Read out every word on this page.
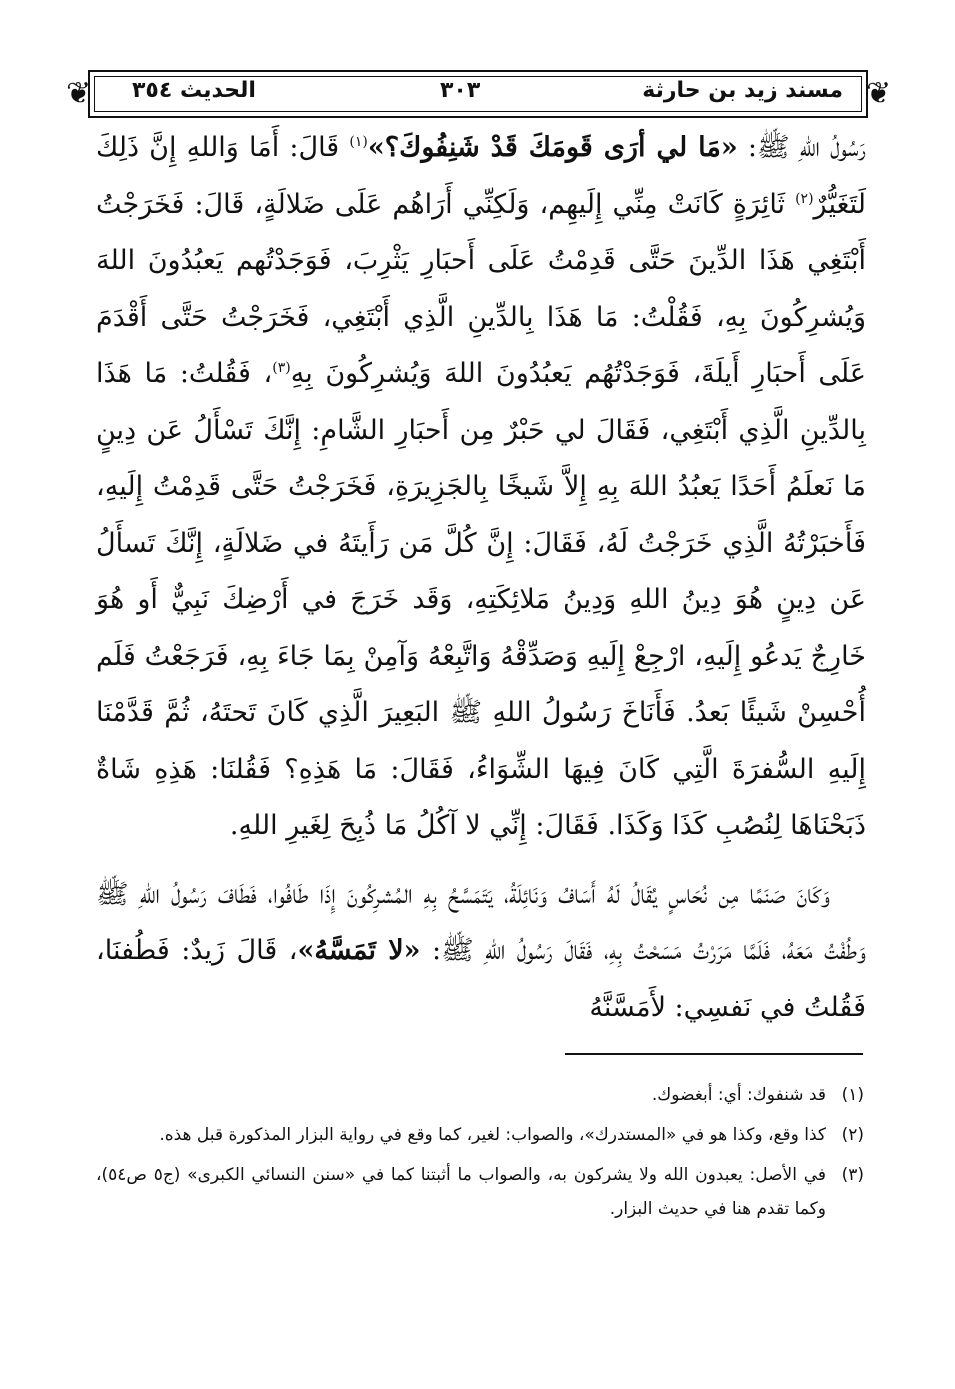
❦	❦
مسند زيد بن حارثة
٣٠٣
الحديث ٣٥٤

رَسُولُ اللهِ ﷺ: «مَا لي أرَى قَومَكَ قَدْ شَنِفُوكَ؟»$^{(١)}$ قَالَ: أَمَا وَاللهِ إِنَّ ذَلِكَ لَتَغَيُّرٌ$^{(٢)}$ ثَائِرَةٍ كَانَتْ مِنِّي إِلَيهِم، وَلَكِنِّي أَرَاهُم عَلَى ضَلالَةٍ، قَالَ: فَخَرَجْتُ أَبْتَغِي هَذَا الدِّينَ حَتَّى قَدِمْتُ عَلَى أَحبَارِ يَثْرِبَ، فَوَجَدْتُهم يَعبُدُونَ اللهَ وَيُشرِكُونَ بِهِ، فَقُلْتُ: مَا هَذَا بِالدِّينِ الَّذِي أَبْتَغِي، فَخَرَجْتُ حَتَّى أَقْدَمَ عَلَى أَحبَارِ أَيلَةَ، فَوَجَدْتُهُم يَعبُدُونَ اللهَ وَيُشرِكُونَ بِهِ$^{(٣)}$، فَقُلتُ: مَا هَذَا بِالدِّينِ الَّذِي أَبْتَغِي، فَقَالَ لي حَبْرٌ مِن أَحبَارِ الشَّامِ: إِنَّكَ تَسْأَلُ عَن دِينٍ مَا نَعلَمُ أَحَدًا يَعبُدُ اللهَ بِهِ إِلاَّ شَيخًا بِالجَزِيرَةِ، فَخَرَجْتُ حَتَّى قَدِمْتُ إِلَيهِ، فَأَخبَرْتُهُ الَّذِي خَرَجْتُ لَهُ، فَقَالَ: إِنَّ كُلَّ مَن رَأَيتَهُ في ضَلالَةٍ، إِنَّكَ تَسأَلُ عَن دِينٍ هُوَ دِينُ اللهِ وَدِينُ مَلائِكَتِهِ، وَقَد خَرَجَ في أَرْضِكَ نَبِيٌّ أَو هُوَ خَارِجٌ يَدعُو إِلَيهِ، ارْجِعْ إِلَيهِ وَصَدِّقْهُ وَاتَّبِعْهُ وَآمِنْ بِمَا جَاءَ بِهِ، فَرَجَعْتُ فَلَم أُحْسِنْ شَيئًا بَعدُ. فَأَنَاخَ رَسُولُ اللهِ ﷺ البَعِيرَ الَّذِي كَانَ تَحتَهُ، ثُمَّ قَدَّمْنَا إِلَيهِ السُّفرَةَ الَّتِي كَانَ فِيهَا الشِّوَاءُ، فَقَالَ: مَا هَذِهِ؟ فَقُلنَا: هَذِهِ شَاةٌ ذَبَحْنَاهَا لِنُصُبِ كَذَا وَكَذَا. فَقَالَ: إِنِّي لا آكُلُ مَا ذُبِحَ لِغَيرِ اللهِ.

وَكَانَ صَنَمًا مِن نُحَاسٍ يُقَالُ لَهُ أَسَافُ وَنَائِلَةُ، يَتَمَسَّحُ بِهِ المُشرِكُونَ إِذَا طَافُوا، فَطَافَ رَسُولُ اللهِ ﷺ وَطُفْتُ مَعَهُ، فَلَمَّا مَرَرْتُ مَسَحْتُ بِهِ، فَقَالَ رَسُولُ اللهِ ﷺ: «لا تَمَسَّهُ»، قَالَ زَيدٌ: فَطُفنَا، فَقُلتُ في نَفسِي: لأَمَسَّنَّهُ

(١)
قد شنفوك: أي: أبغضوك.

(٢)
كذا وقع، وكذا هو في «المستدرك»، والصواب: لغير، كما وقع في رواية البزار المذكورة قبل هذه.

(٣)
في الأصل: يعبدون الله ولا يشركون به، والصواب ما أثبتنا كما في «سنن النسائي الكبرى» (ج٥ ص٥٤)، وكما تقدم هنا في حديث البزار.
